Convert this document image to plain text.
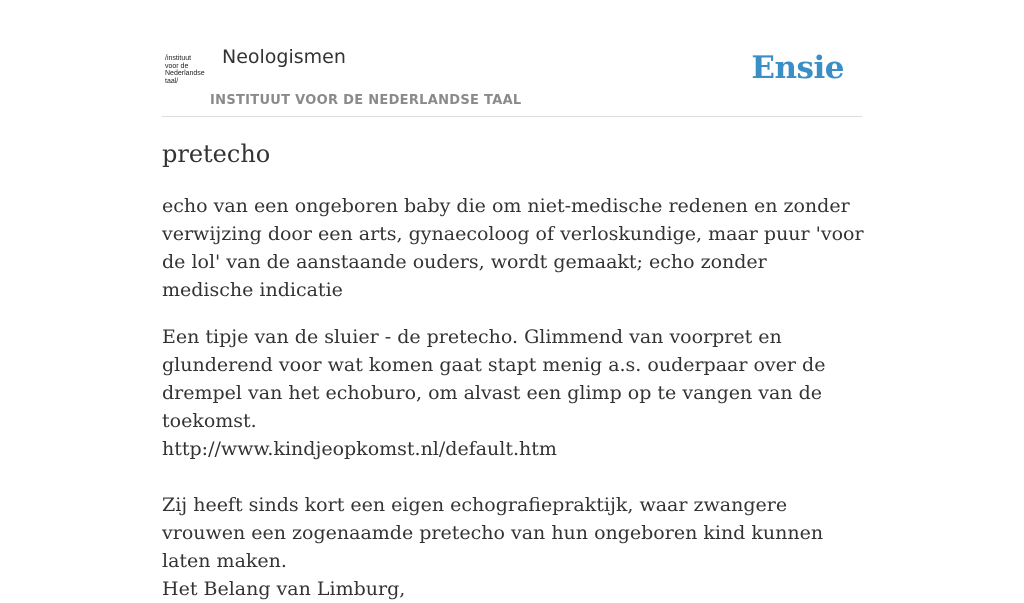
/instituut
voor de
Nederlandse
taal/
Neologismen
INSTITUUT VOOR DE NEDERLANDSE TAAL
Ensie
pretecho

echo van een ongeboren baby die om niet-medische redenen en zonder verwijzing door een arts, gynaecoloog of verloskundige, maar puur 'voor de lol' van de aanstaande ouders, wordt gemaakt; echo zonder medische indicatie

Een tipje van de sluier - de pretecho. Glimmend van voorpret en glunderend voor wat komen gaat stapt menig a.s. ouderpaar over de drempel van het echoburo, om alvast een glimp op te vangen van de toekomst.
http://www.kindjeopkomst.nl/default.htm
Zij heeft sinds kort een eigen echografiepraktijk, waar zwangere vrouwen een zogenaamde pretecho van hun ongeboren kind kunnen laten maken.
Het Belang van Limburg,
